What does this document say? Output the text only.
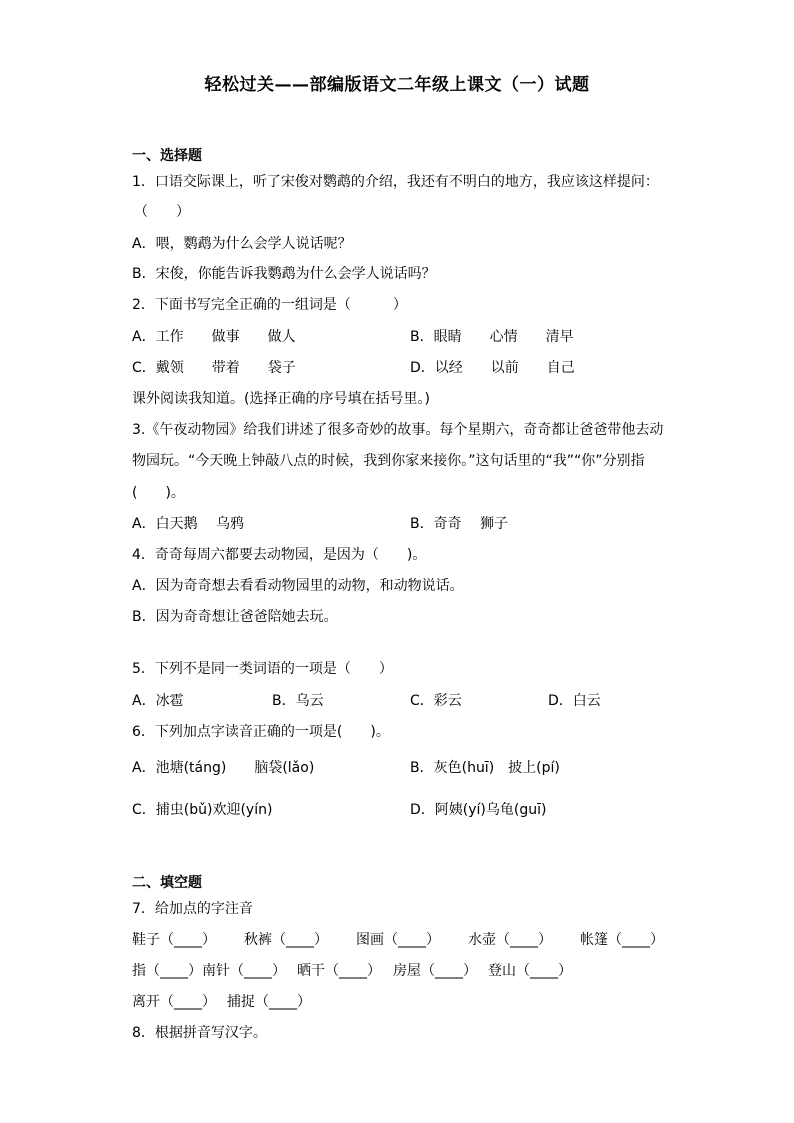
轻松过关——部编版语文二年级上课文（一）试题
一、选择题
1．口语交际课上，听了宋俊对鹦鹉的介绍，我还有不明白的地方，我应该这样提问：
（　　）
A．喂，鹦鹉为什么会学人说话呢？
B．宋俊，你能告诉我鹦鹉为什么会学人说话吗？
2．下面书写完全正确的一组词是（　　　）
A．工作　　做事　　做人	B．眼睛　　心情　　清早
C．戴领　　带着　　袋子	D．以经　　以前　　自己
课外阅读我知道。(选择正确的序号填在括号里。)
3.《午夜动物园》给我们讲述了很多奇妙的故事。每个星期六，奇奇都让爸爸带他去动
物园玩。“今天晚上钟敲八点的时候，我到你家来接你。”这句话里的“我”“你”分别指
(　　)。
A．白天鹅　 乌鸦	B．奇奇　 狮子
4．奇奇每周六都要去动物园，是因为（　　)。
A．因为奇奇想去看看动物园里的动物，和动物说话。
B．因为奇奇想让爸爸陪她去玩。
5．下列不是同一类词语的一项是（　　）
A．冰雹	B．乌云	C．彩云	D．白云
6．下列加点字读音正确的一项是(　　)。
A．池塘(táng)　　脑袋(lǎo)	B．灰色(huī)　披上(pí)
C．捕虫(bǔ)欢迎(yín)	D．阿姨(yí)乌龟(guī)
二、填空题
7．给加点的字注音
鞋子（____） 秋裤（____） 图画（____） 水壶（____） 帐篷（____）
指（____）南针（____） 晒干（____） 房屋（____） 登山（____）
离开（____） 捕捉（____）
8．根据拼音写汉字。
